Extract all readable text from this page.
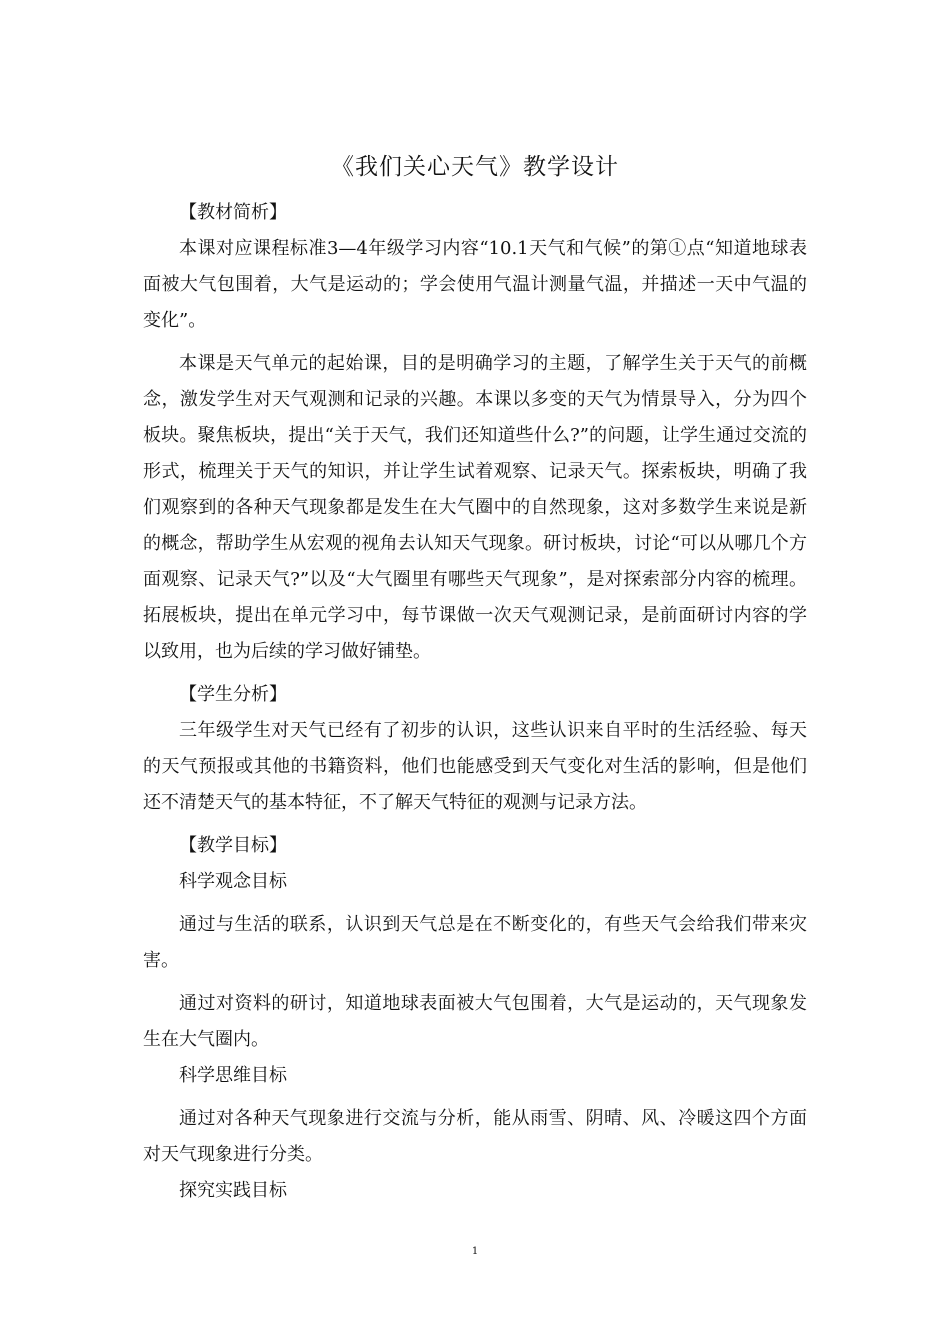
《我们关心天气》教学设计

【教材简析】

本课对应课程标准3—4年级学习内容“10.1天气和气候”的第①点“知道地球表面被大气包围着，大气是运动的；学会使用气温计测量气温，并描述一天中气温的变化”。

本课是天气单元的起始课，目的是明确学习的主题，了解学生关于天气的前概念，激发学生对天气观测和记录的兴趣。本课以多变的天气为情景导入，分为四个板块。聚焦板块，提出“关于天气，我们还知道些什么?”的问题，让学生通过交流的形式，梳理关于天气的知识，并让学生试着观察、记录天气。探索板块，明确了我们观察到的各种天气现象都是发生在大气圈中的自然现象，这对多数学生来说是新的概念，帮助学生从宏观的视角去认知天气现象。研讨板块，讨论“可以从哪几个方面观察、记录天气?”以及“大气圈里有哪些天气现象”，是对探索部分内容的梳理。拓展板块，提出在单元学习中，每节课做一次天气观测记录，是前面研讨内容的学以致用，也为后续的学习做好铺垫。

【学生分析】

三年级学生对天气已经有了初步的认识，这些认识来自平时的生活经验、每天的天气预报或其他的书籍资料，他们也能感受到天气变化对生活的影响，但是他们还不清楚天气的基本特征，不了解天气特征的观测与记录方法。

【教学目标】

科学观念目标

通过与生活的联系，认识到天气总是在不断变化的，有些天气会给我们带来灾害。

通过对资料的研讨，知道地球表面被大气包围着，大气是运动的，天气现象发生在大气圈内。

科学思维目标

通过对各种天气现象进行交流与分析，能从雨雪、阴晴、风、冷暖这四个方面对天气现象进行分类。

探究实践目标

1
